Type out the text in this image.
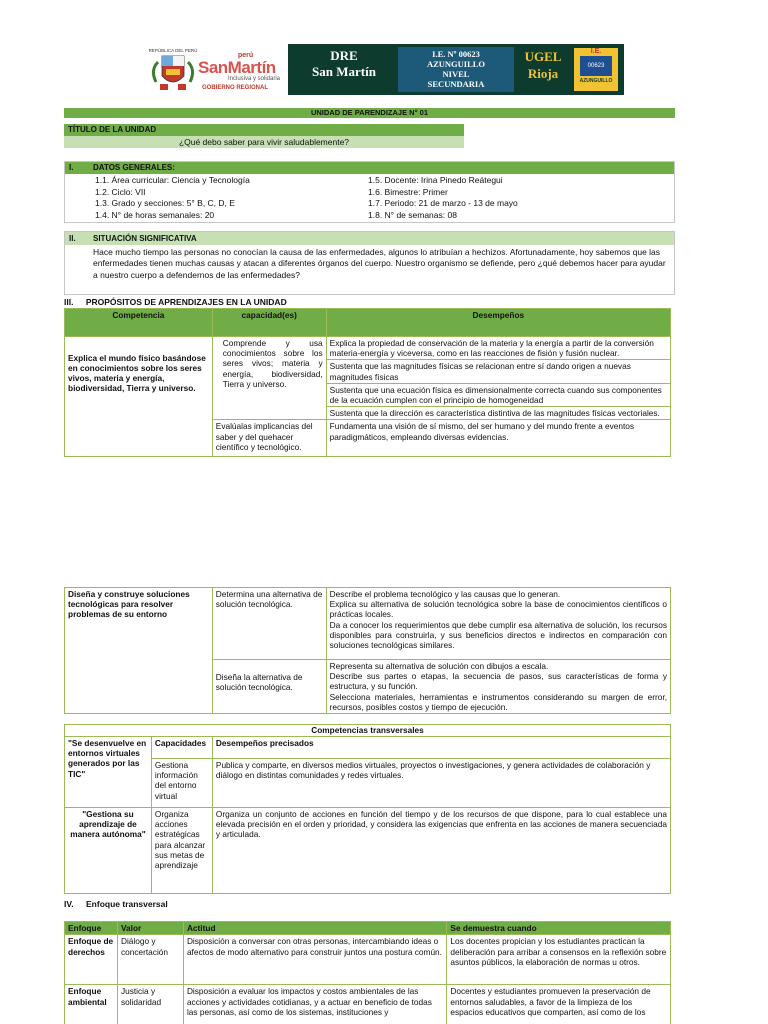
REPÚBLICA DEL PERÚ
perú
SanMartín
Inclusiva y solidaria
GOBIERNO REGIONAL
DRE
San Martín
I.E. Nº 00623
AZUNGUILLO
NIVEL
SECUNDARIA
UGEL
Rioja
I.E.
00623
AZUNGUILLO
UNIDAD DE PARENDIZAJE N° 01
TÍTULO DE LA UNIDAD
¿Qué debo saber para vivir saludablemente?
I. DATOS GENERALES:
1.1. Área curricular: Ciencia y Tecnología
1.2. Ciclo: VII
1.3. Grado y secciones: 5° B, C, D, E
1.4. N° de horas semanales: 20
1.5. Docente: Irina Pinedo Reátegui
1.6. Bimestre: Primer
1.7. Periodo: 21 de marzo - 13 de mayo
1.8. N° de semanas: 08
II. SITUACIÓN SIGNIFICATIVA
Hace mucho tiempo las personas no conocían la causa de las enfermedades, algunos lo atribuían a hechizos. Afortunadamente, hoy sabemos que las enfermedades tienen muchas causas y atacan a diferentes órganos del cuerpo. Nuestro organismo se defiende, pero ¿qué debemos hacer para ayudar a nuestro cuerpo a defendernos de las enfermedades?
III. PROPÓSITOS DE APRENDIZAJES EN LA UNIDAD
Competencia	capacidad(es)	Desempeños
Explica el mundo físico basándose en conocimientos sobre los seres vivos, materia y energía, biodiversidad, Tierra y universo.	Comprende y usa conocimientos sobre los seres vivos; materia y energía, biodiversidad, Tierra y universo.	Explica la propiedad de conservación de la materia y la energía a partir de la conversión materia-energía y viceversa, como en las reacciones de fisión y fusión nuclear.
		Sustenta que las magnitudes físicas se relacionan entre sí dando origen a nuevas magnitudes físicas
		Sustenta que una ecuación física es dimensionalmente correcta cuando sus componentes de la ecuación cumplen con el principio de homogeneidad
		Sustenta que la dirección es característica distintiva de las magnitudes físicas vectoriales.
	Evalúalas implicancias del saber y del quehacer científico y tecnológico.	Fundamenta una visión de sí mismo, del ser humano y del mundo frente a eventos paradigmáticos, empleando diversas evidencias.
Diseña y construye soluciones tecnológicas para resolver problemas de su entorno	Determina una alternativa de solución tecnológica.	Describe el problema tecnológico y las causas que lo generan.
Explica su alternativa de solución tecnológica sobre la base de conocimientos científicos o prácticas locales.
Da a conocer los requerimientos que debe cumplir esa alternativa de solución, los recursos disponibles para construirla, y sus beneficios directos e indirectos en comparación con soluciones tecnológicas similares.

	Diseña la alternativa de solución tecnológica.	Representa su alternativa de solución con dibujos a escala.
Describe sus partes o etapas, la secuencia de pasos, sus características de forma y estructura, y su función.
Selecciona materiales, herramientas e instrumentos considerando su margen de error, recursos, posibles costos y tiempo de ejecución.
Competencias transversales		
"Se desenvuelve en entornos virtuales generados por las TIC"	Capacidades	Desempeños precisados
	Gestiona información del entorno virtual	Publica y comparte, en diversos medios virtuales, proyectos o investigaciones, y genera actividades de colaboración y diálogo en distintas comunidades y redes virtuales.
"Gestiona su aprendizaje de manera autónoma"	Organiza acciones estratégicas para alcanzar sus metas de aprendizaje	Organiza un conjunto de acciones en función del tiempo y de los recursos de que dispone, para lo cual establece una elevada precisión en el orden y prioridad, y considera las exigencias que enfrenta en las acciones de manera secuenciada y articulada.
IV. Enfoque transversal
Enfoque	Valor	Actitud	Se demuestra cuando
Enfoque de derechos	Diálogo y concertación	Disposición a conversar con otras personas, intercambiando ideas o afectos de modo alternativo para construir juntos una postura común.	Los docentes propician y los estudiantes practican la deliberación para arribar a consensos en la reflexión sobre asuntos públicos, la elaboración de normas u otros.
Enfoque ambiental	Justicia y solidaridad	Disposición a evaluar los impactos y costos ambientales de las acciones y actividades cotidianas, y a actuar en beneficio de todas las personas, así como de los sistemas, instituciones y	Docentes y estudiantes promueven la preservación de entornos saludables, a favor de la limpieza de los espacios educativos que comparten, así como de los
